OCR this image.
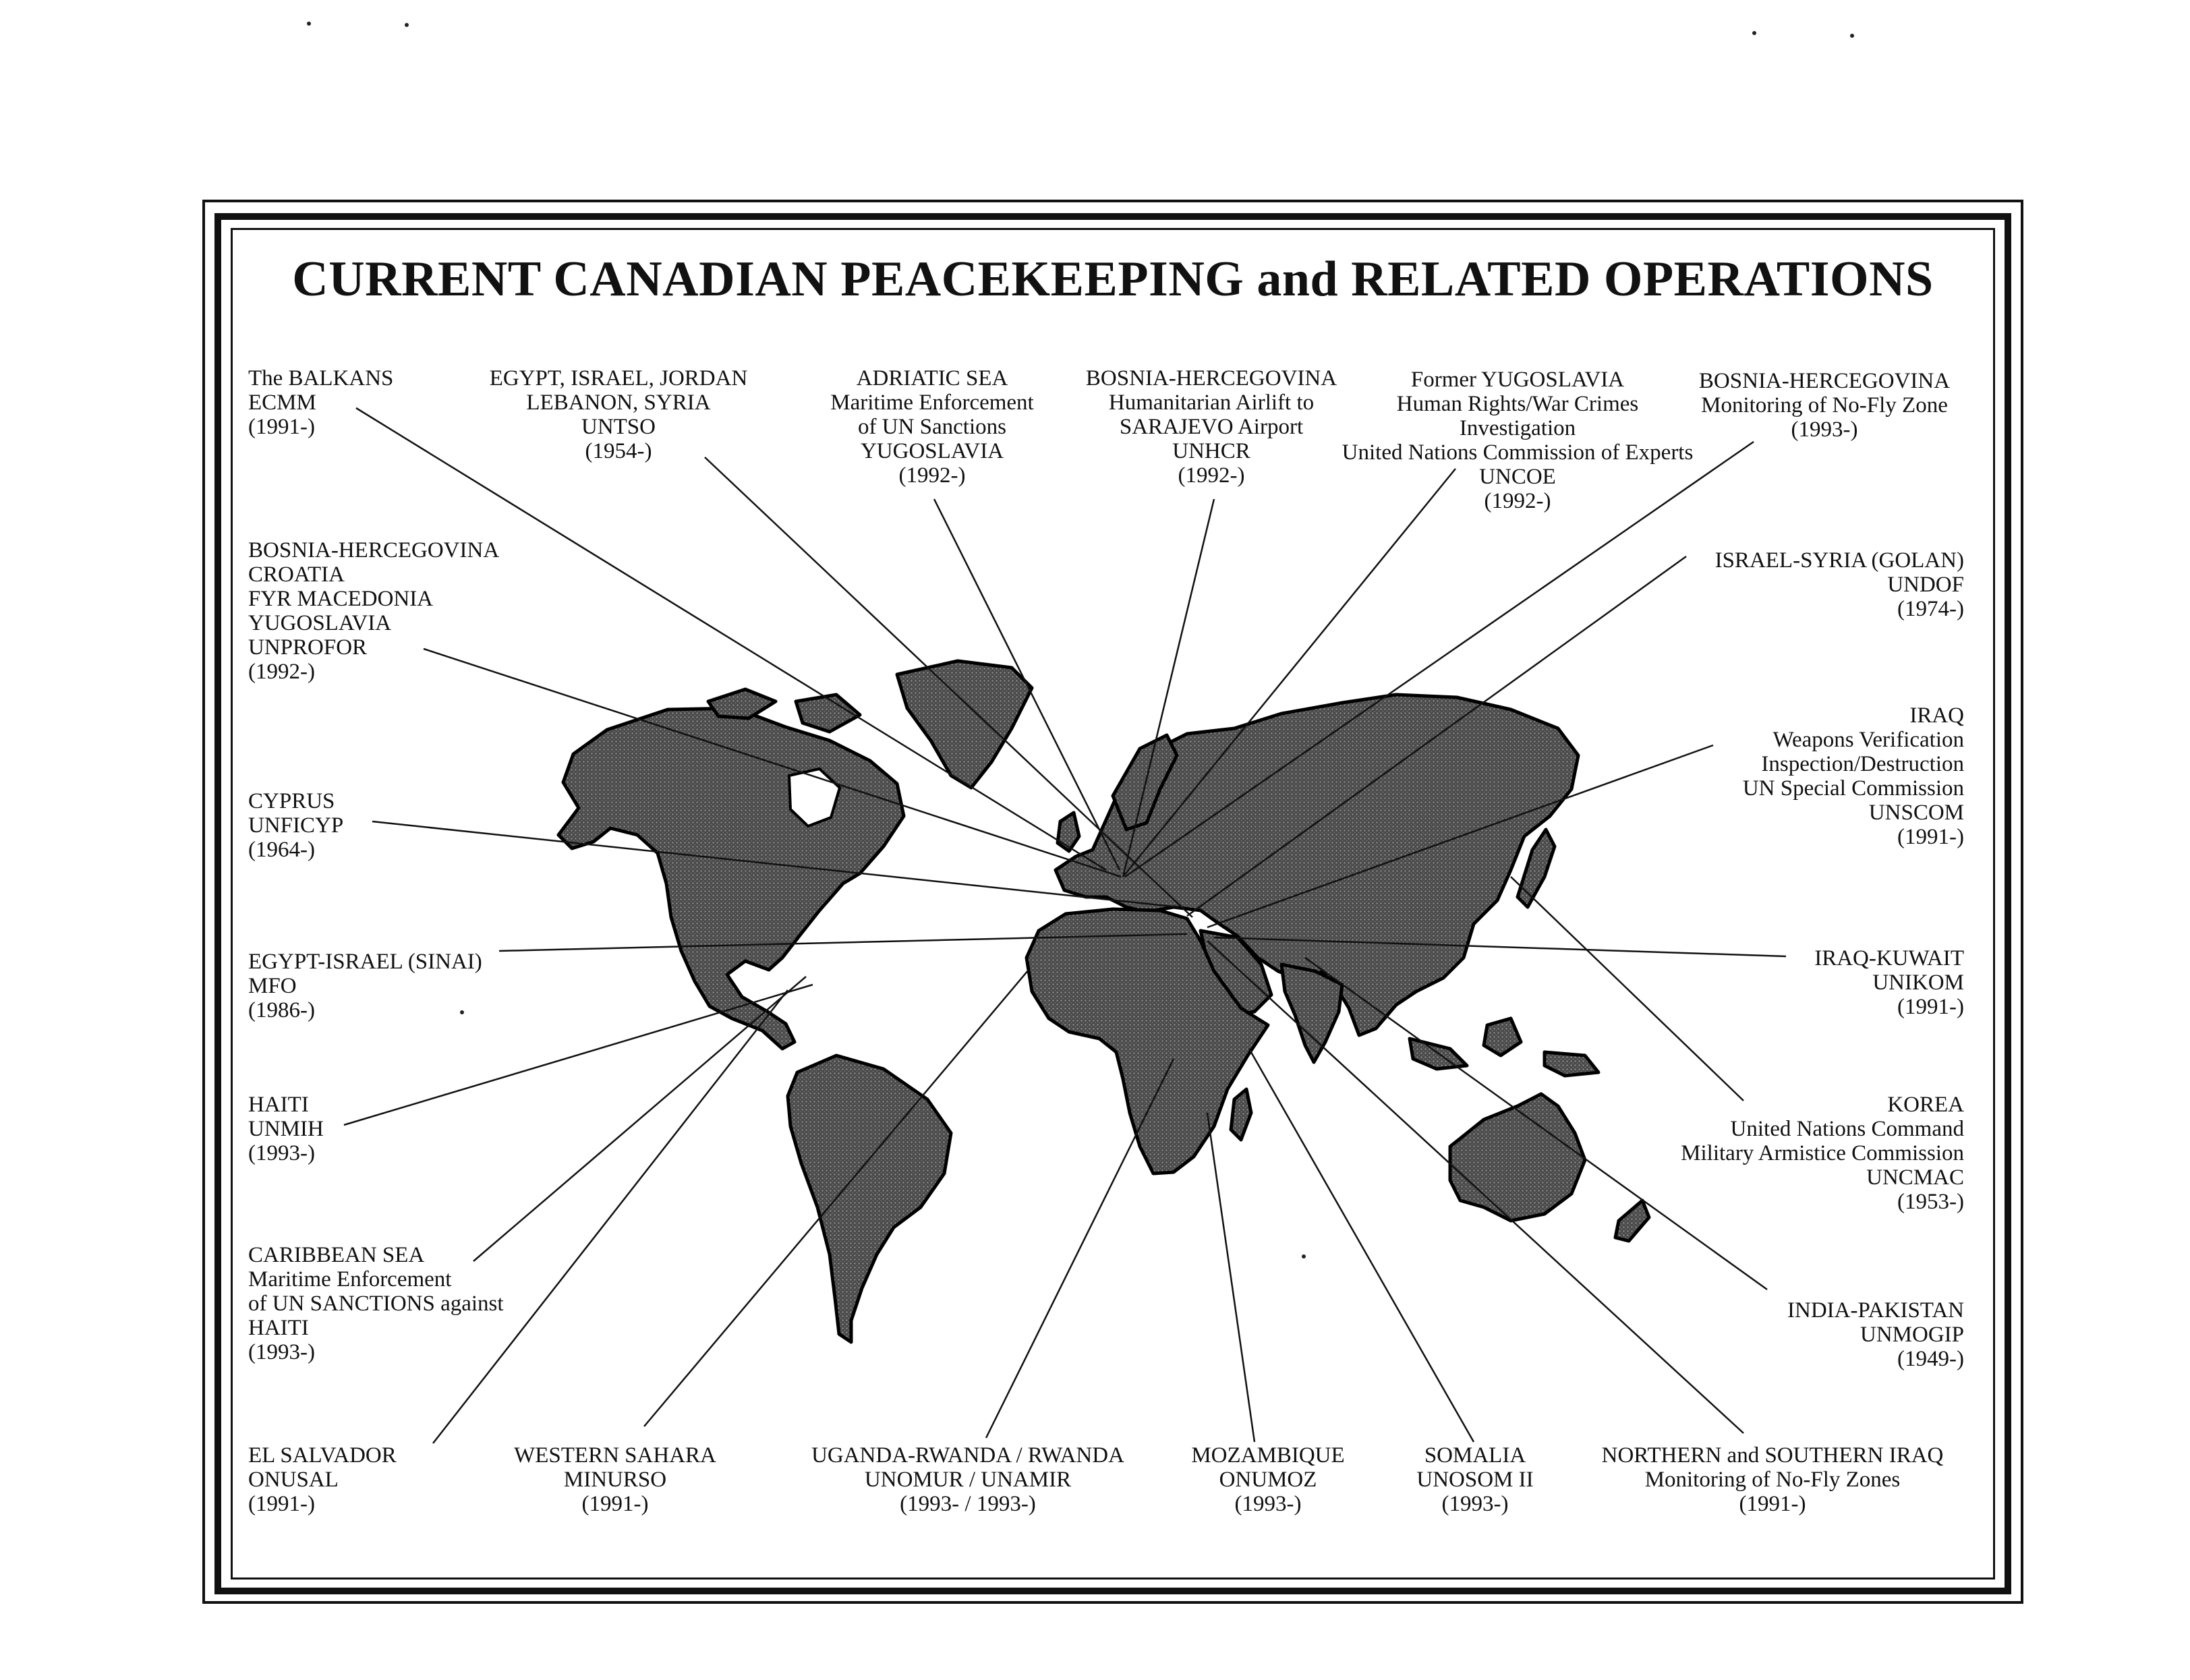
CURRENT CANADIAN PEACEKEEPING and RELATED OPERATIONS
The BALKANS
ECMM
(1991-)
EGYPT, ISRAEL, JORDAN
LEBANON, SYRIA
UNTSO
(1954-)
ADRIATIC SEA
Maritime Enforcement
of UN Sanctions
YUGOSLAVIA
(1992-)
BOSNIA-HERCEGOVINA
Humanitarian Airlift to
SARAJEVO Airport
UNHCR
(1992-)
Former YUGOSLAVIA
Human Rights/War Crimes
Investigation
United Nations Commission of Experts
UNCOE
(1992-)
BOSNIA-HERCEGOVINA
Monitoring of No-Fly Zone
(1993-)
BOSNIA-HERCEGOVINA
CROATIA
FYR MACEDONIA
YUGOSLAVIA
UNPROFOR
(1992-)
ISRAEL-SYRIA (GOLAN)
UNDOF
(1974-)
IRAQ
Weapons Verification
Inspection/Destruction
UN Special Commission
UNSCOM
(1991-)
CYPRUS
UNFICYP
(1964-)
EGYPT-ISRAEL (SINAI)
MFO
(1986-)
IRAQ-KUWAIT
UNIKOM
(1991-)
HAITI
UNMIH
(1993-)
KOREA
United Nations Command
Military Armistice Commission
UNCMAC
(1953-)
CARIBBEAN SEA
Maritime Enforcement
of UN SANCTIONS against
HAITI
(1993-)
INDIA-PAKISTAN
UNMOGIP
(1949-)
EL SALVADOR
ONUSAL
(1991-)
WESTERN SAHARA
MINURSO
(1991-)
UGANDA-RWANDA / RWANDA
UNOMUR / UNAMIR
(1993- / 1993-)
MOZAMBIQUE
ONUMOZ
(1993-)
SOMALIA
UNOSOM II
(1993-)
NORTHERN and SOUTHERN IRAQ
Monitoring of No-Fly Zones
(1991-)
